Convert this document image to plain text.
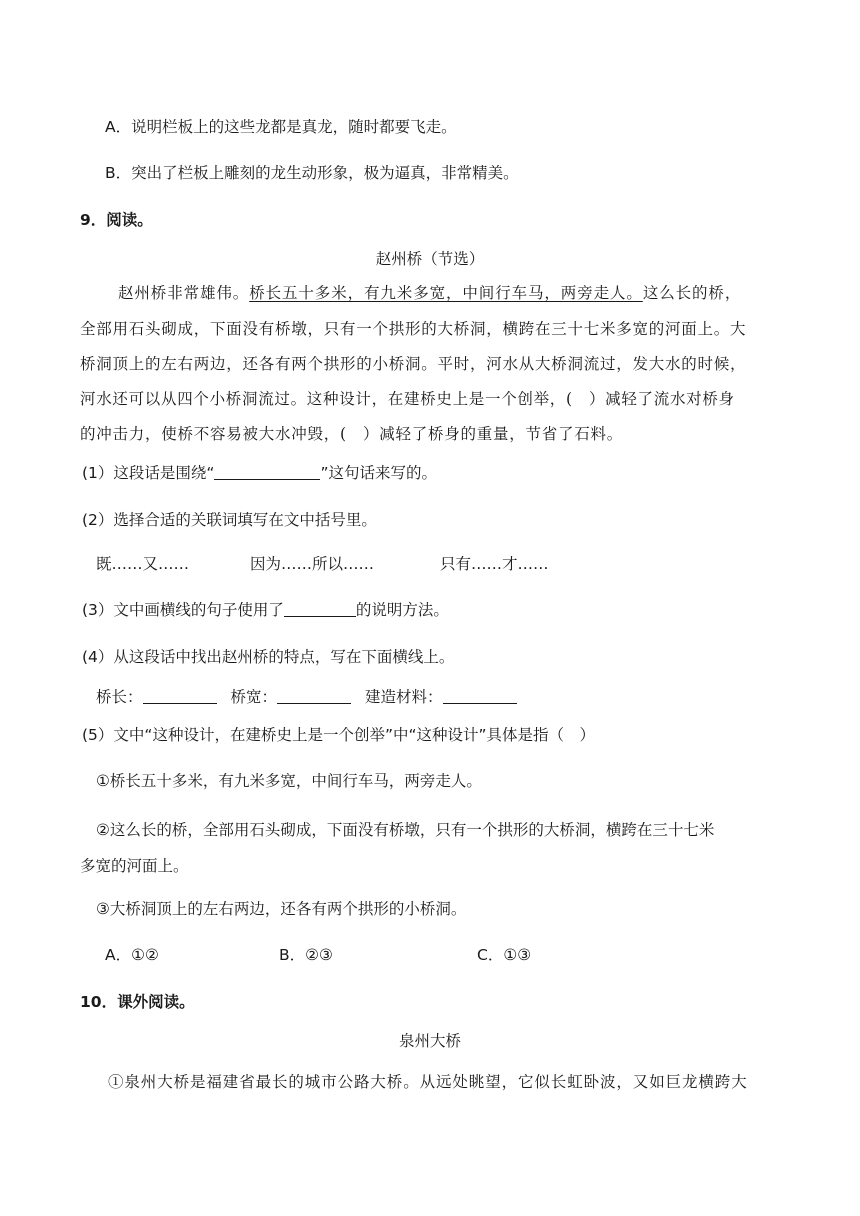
A．说明栏板上的这些龙都是真龙，随时都要飞走。
B．突出了栏板上雕刻的龙生动形象，极为逼真，非常精美。
9．阅读。
赵州桥（节选）
赵州桥非常雄伟。桥长五十多米，有九米多宽，中间行车马，两旁走人。这么长的桥，
全部用石头砌成，下面没有桥墩，只有一个拱形的大桥洞，横跨在三十七米多宽的河面上。大
桥洞顶上的左右两边，还各有两个拱形的小桥洞。平时，河水从大桥洞流过，发大水的时候，
河水还可以从四个小桥洞流过。这种设计，在建桥史上是一个创举，(　）减轻了流水对桥身
的冲击力，使桥不容易被大水冲毁，(　）减轻了桥身的重量，节省了石料。
(1）这段话是围绕“	”这句话来写的。
(2）选择合适的关联词填写在文中括号里。
既……又……	因为……所以……	只有……才……
(3）文中画横线的句子使用了	的说明方法。
(4）从这段话中找出赵州桥的特点，写在下面横线上。
桥长：	桥宽：	建造材料：
(5）文中“这种设计，在建桥史上是一个创举”中“这种设计”具体是指（　）
①桥长五十多米，有九米多宽，中间行车马，两旁走人。
②这么长的桥，全部用石头砌成，下面没有桥墩，只有一个拱形的大桥洞，横跨在三十七米
多宽的河面上。
③大桥洞顶上的左右两边，还各有两个拱形的小桥洞。
A．①②	B．②③	C．①③
10．课外阅读。
泉州大桥
①泉州大桥是福建省最长的城市公路大桥。从远处眺望，它似长虹卧波，又如巨龙横跨大
